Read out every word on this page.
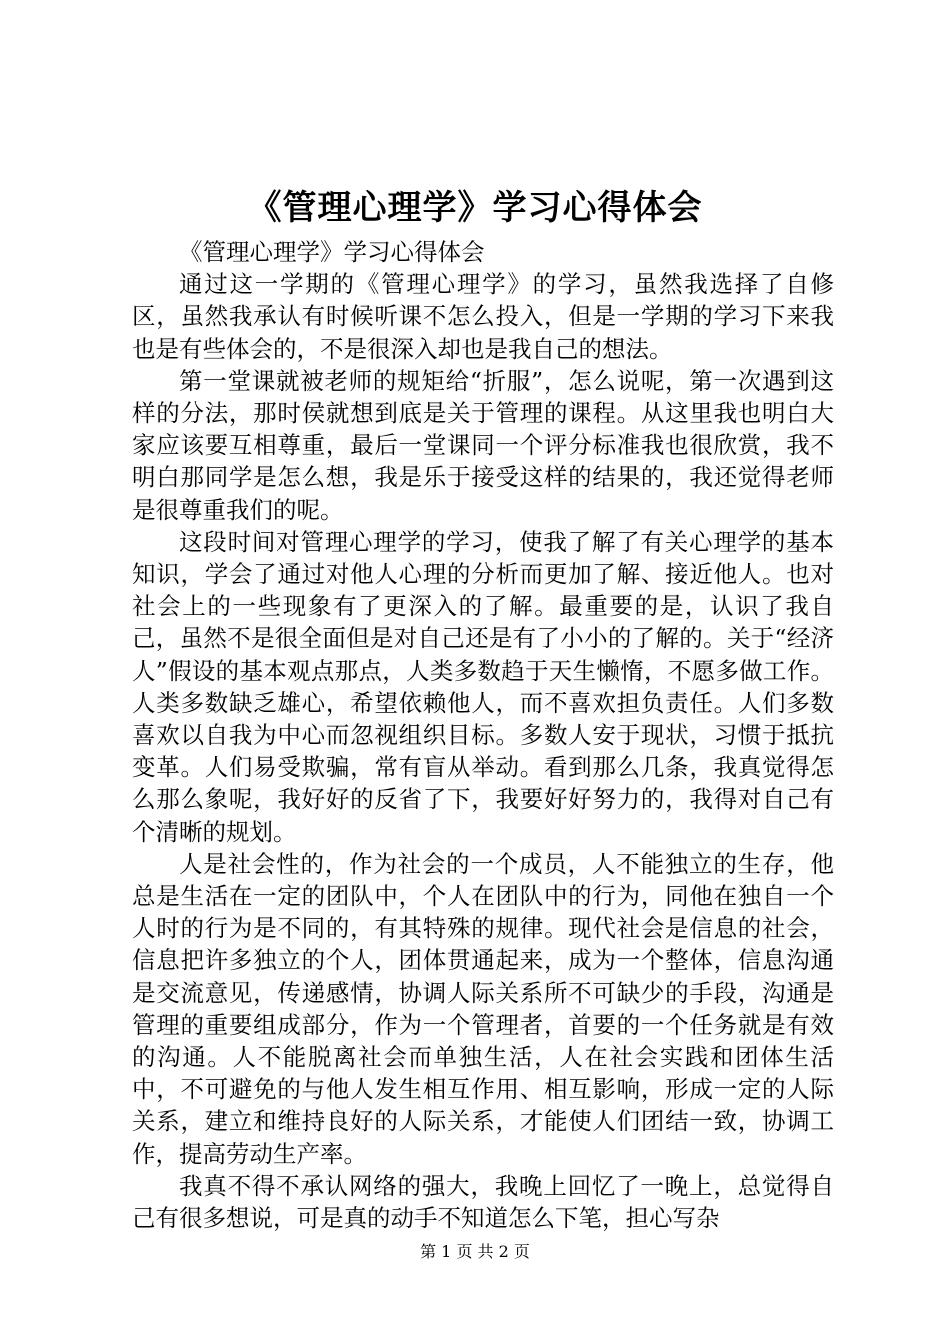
《管理心理学》学习心得体会

《管理心理学》学习心得体会

通过这一学期的《管理心理学》的学习，虽然我选择了自修区，虽然我承认有时候听课不怎么投入，但是一学期的学习下来我也是有些体会的，不是很深入却也是我自己的想法。

第一堂课就被老师的规矩给“折服”，怎么说呢，第一次遇到这样的分法，那时侯就想到底是关于管理的课程。从这里我也明白大家应该要互相尊重，最后一堂课同一个评分标准我也很欣赏，我不明白那同学是怎么想，我是乐于接受这样的结果的，我还觉得老师是很尊重我们的呢。

这段时间对管理心理学的学习，使我了解了有关心理学的基本知识，学会了通过对他人心理的分析而更加了解、接近他人。也对社会上的一些现象有了更深入的了解。最重要的是，认识了我自己，虽然不是很全面但是对自己还是有了小小的了解的。关于“经济人”假设的基本观点那点，人类多数趋于天生懒惰，不愿多做工作。人类多数缺乏雄心，希望依赖他人，而不喜欢担负责任。人们多数喜欢以自我为中心而忽视组织目标。多数人安于现状，习惯于抵抗变革。人们易受欺骗，常有盲从举动。看到那么几条，我真觉得怎么那么象呢，我好好的反省了下，我要好好努力的，我得对自己有个清晰的规划。

人是社会性的，作为社会的一个成员，人不能独立的生存，他总是生活在一定的团队中，个人在团队中的行为，同他在独自一个人时的行为是不同的，有其特殊的规律。现代社会是信息的社会，信息把许多独立的个人，团体贯通起来，成为一个整体，信息沟通是交流意见，传递感情，协调人际关系所不可缺少的手段，沟通是管理的重要组成部分，作为一个管理者，首要的一个任务就是有效的沟通。人不能脱离社会而单独生活，人在社会实践和团体生活中，不可避免的与他人发生相互作用、相互影响，形成一定的人际关系，建立和维持良好的人际关系，才能使人们团结一致，协调工作，提高劳动生产率。

我真不得不承认网络的强大，我晚上回忆了一晚上，总觉得自己有很多想说，可是真的动手不知道怎么下笔，担心写杂

第 1 页 共 2 页
